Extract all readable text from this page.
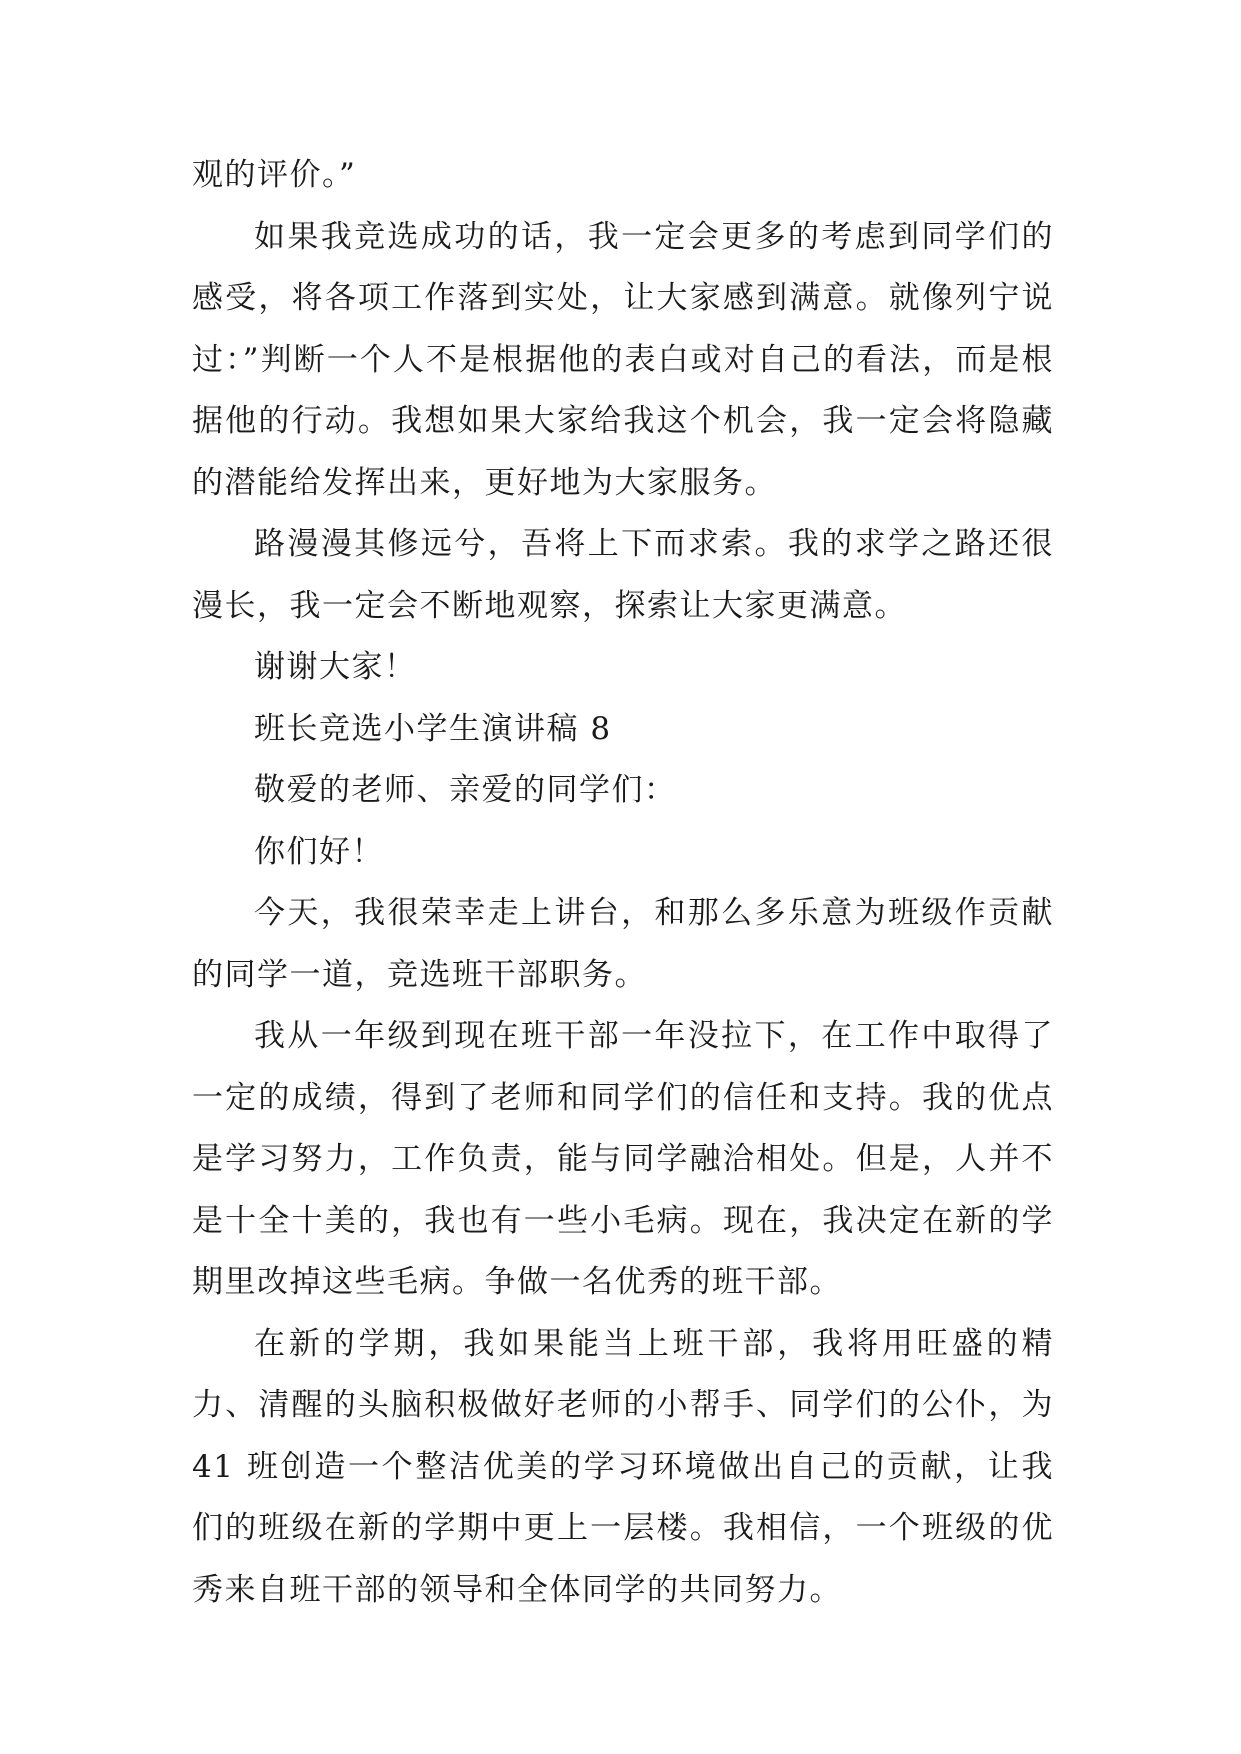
观的评价。”

如果我竞选成功的话，我一定会更多的考虑到同学们的感受，将各项工作落到实处，让大家感到满意。就像列宁说过：”判断一个人不是根据他的表白或对自己的看法，而是根据他的行动。我想如果大家给我这个机会，我一定会将隐藏的潜能给发挥出来，更好地为大家服务。

路漫漫其修远兮，吾将上下而求索。我的求学之路还很漫长，我一定会不断地观察，探索让大家更满意。

谢谢大家！

班长竞选小学生演讲稿 8

敬爱的老师、亲爱的同学们：

你们好！

今天，我很荣幸走上讲台，和那么多乐意为班级作贡献的同学一道，竞选班干部职务。

我从一年级到现在班干部一年没拉下，在工作中取得了一定的成绩，得到了老师和同学们的信任和支持。我的优点是学习努力，工作负责，能与同学融洽相处。但是，人并不是十全十美的，我也有一些小毛病。现在，我决定在新的学期里改掉这些毛病。争做一名优秀的班干部。

在新的学期，我如果能当上班干部，我将用旺盛的精力、清醒的头脑积极做好老师的小帮手、同学们的公仆，为 41 班创造一个整洁优美的学习环境做出自己的贡献，让我们的班级在新的学期中更上一层楼。我相信，一个班级的优秀来自班干部的领导和全体同学的共同努力。
